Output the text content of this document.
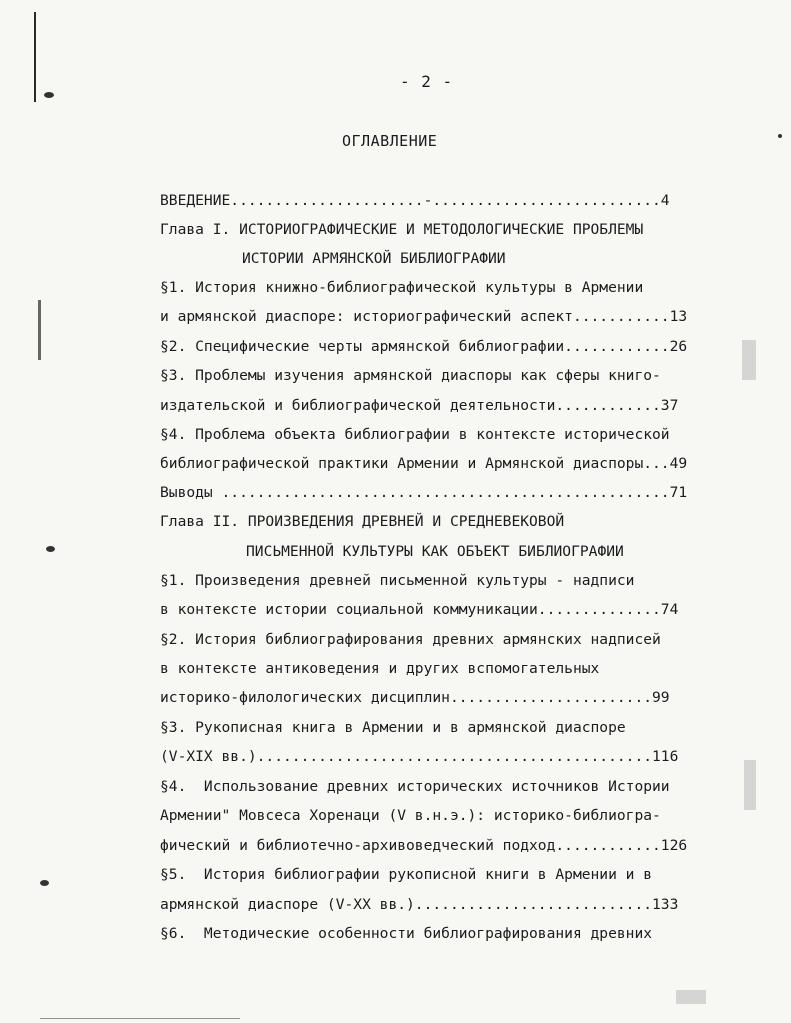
- 2 -
ОГЛАВЛЕНИЕ
ВВЕДЕНИЕ......................-..........................4
Глава I. ИСТОРИОГРАФИЧЕСКИЕ И МЕТОДОЛОГИЧЕСКИЕ ПРОБЛЕМЫ
ИСТОРИИ АРМЯНСКОЙ БИБЛИОГРАФИИ
§1. История книжно-библиографической культуры в Армении
и армянской диаспоре: историографический аспект...........13
§2. Специфические черты армянской библиографии............26
§3. Проблемы изучения армянской диаспоры как сферы книго-
издательской и библиографической деятельности............37
§4. Проблема объекта библиографии в контексте исторической
библиографической практики Армении и Армянской диаспоры...49
Выводы ...................................................71
Глава II. ПРОИЗВЕДЕНИЯ ДРЕВНЕЙ И СРЕДНЕВЕКОВОЙ
ПИСЬМЕННОЙ КУЛЬТУРЫ КАК ОБЪЕКТ БИБЛИОГРАФИИ
§1. Произведения древней письменной культуры - надписи
в контексте истории социальной коммуникации..............74
§2. История библиографирования древних армянских надписей
в контексте антиковедения и других вспомогательных
историко-филологических дисциплин.......................99
§3. Рукописная книга в Армении и в армянской диаспоре
(V-XIX вв.).............................................116
§4.  Использование древних исторических источников Истории
Армении" Мовсеса Хоренаци (V в.н.э.): историко-библиогра-
фический и библиотечно-архивоведческий подход............126
§5.  История библиографии рукописной книги в Армении и в
армянской диаспоре (V-XX вв.)...........................133
§6.  Методические особенности библиографирования древних
